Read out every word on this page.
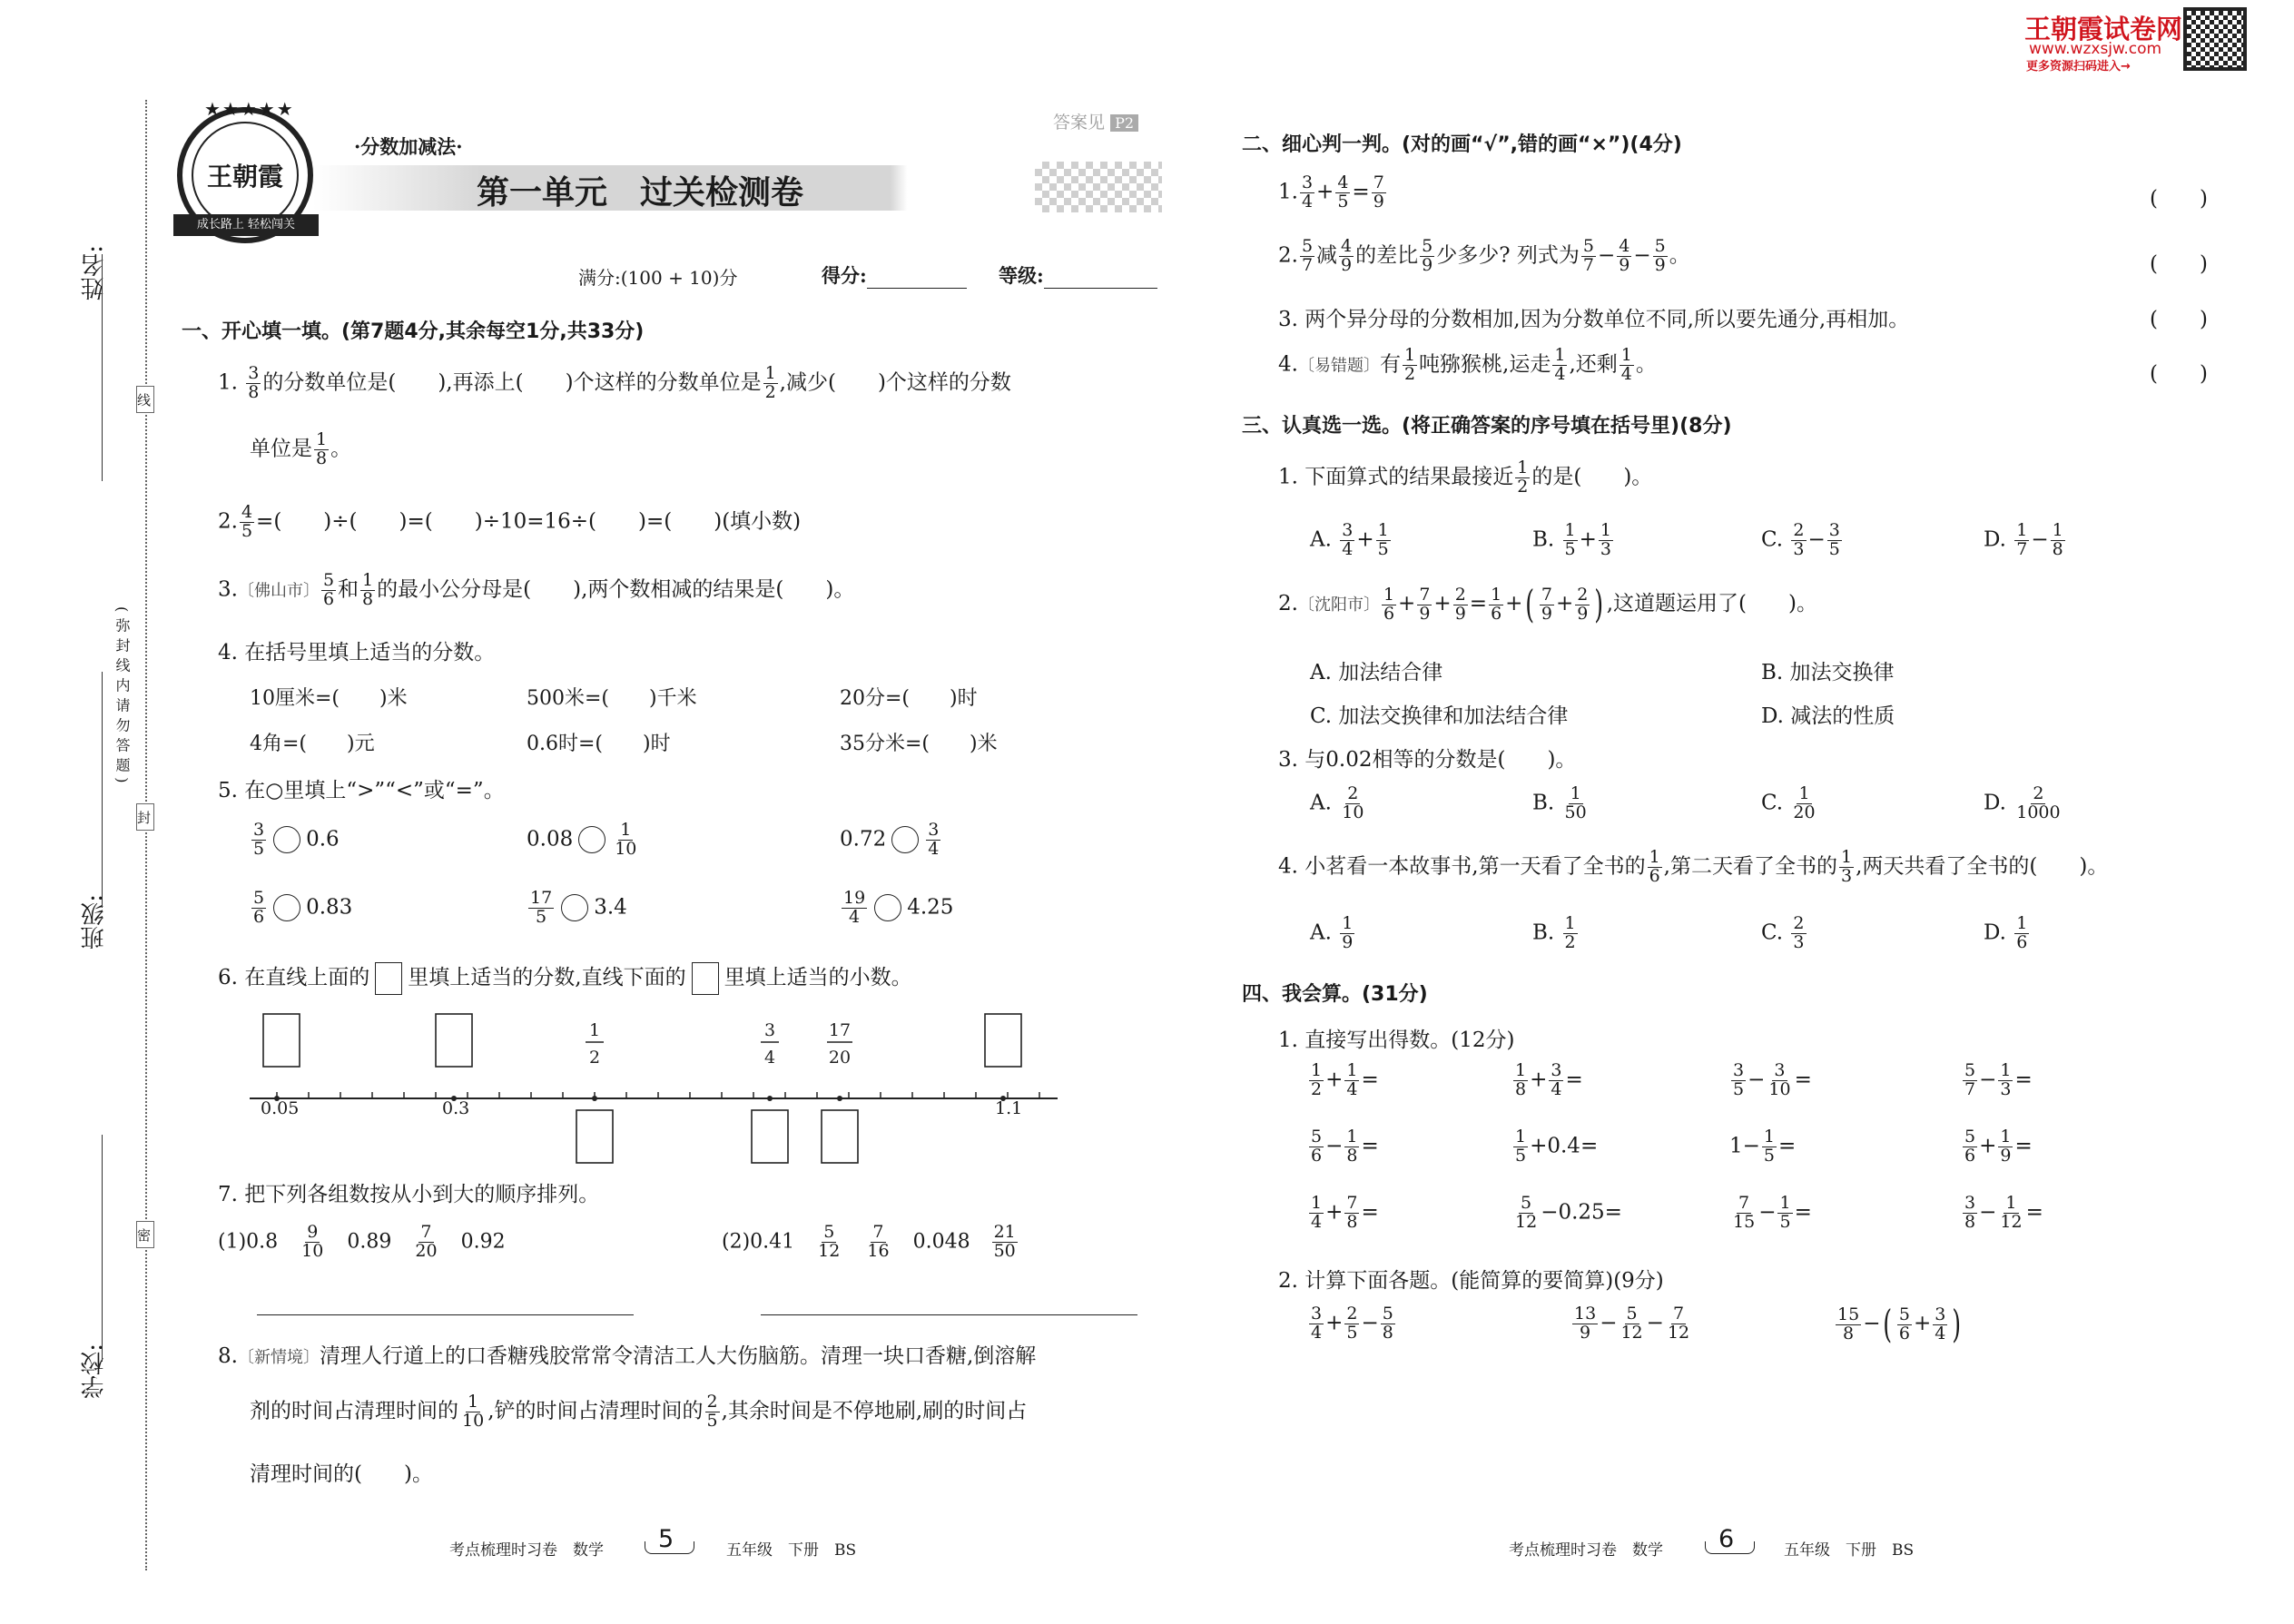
线
封
密
(弥封线内请勿答题)
姓名:
班级:
学校:
王朝霞
成长路上 轻松闯关
★★★★★
·分数加减法·
第一单元　过关检测卷
答案见 P2
满分:(100 + 10)分	得分:	等级:
一、开心填一填。(第7题4分,其余每空1分,共33分)
1. $\frac{3}{8}$ 的分数单位是(　　),再添上(　　)个这样的分数单位是 $\frac{1}{2}$ ,减少(　　)个这样的分数
单位是 $\frac{1}{8}$ 。
2. $\frac{4}{5}$ =(　　)÷(　　)=(　　)÷10=16÷(　　)=(　　)(填小数)
3.〔佛山市〕 $\frac{5}{6}$ 和 $\frac{1}{8}$ 的最小公分母是(　　),两个数相减的结果是(　　)。
4. 在括号里填上适当的分数。
10厘米=(　　)米	500米=(　　)千米	20分=(　　)时
4角=(　　)元	0.6时=(　　)时	35分米=(　　)米
5. 在○里填上“>”“<”或“=”。
$\frac{3}{5} 0.6$	$0.08 \frac{1}{10}$	$0.72 \frac{3}{4}$
$\frac{5}{6} 0.83$	$\frac{17}{5} 3.4$	$\frac{19}{4} 4.25$
6. 在直线上面的 里填上适当的分数,直线下面的 里填上适当的小数。
1
2
3
4
17
20
0.05	0.3	1.1
7. 把下列各组数按从小到大的顺序排列。
(1)0.8　 $\frac{9}{10}$
　 0.89　 $\frac{7}{20}$
　 0.92	(2)0.41　 $\frac{5}{12}$
　 $\frac{7}{16}$
　 0.048　 $\frac{21}{50}$
8.〔新情境〕清理人行道上的口香糖残胶常常令清洁工人大伤脑筋。清理一块口香糖,倒溶解
剂的时间占清理时间的 $\frac{1}{10}$ ,铲的时间占清理时间的 $\frac{2}{5}$ ,其余时间是不停地刷,刷的时间占
清理时间的(　　)。
考点梳理时习卷　数学 5	五年级　下册　BS
王朝霞试卷网
www.wzxsjw.com
更多资源扫码进入→
二、细心判一判。(对的画“√”,错的画“×”)(4分)
1. $\frac{3}{4} + \frac{4}{5} = \frac{7}{9}$	(　　)
2. $\frac{5}{7}$ 减 $\frac{4}{9}$ 的差比 $\frac{5}{9}$ 少多少? 列式为 $\frac{5}{7} - \frac{4}{9} - \frac{5}{9}$ 。	(　　)
3. 两个异分母的分数相加,因为分数单位不同,所以要先通分,再相加。	(　　)
4.〔易错题〕有 $\frac{1}{2}$ 吨猕猴桃,运走 $\frac{1}{4}$ ,还剩 $\frac{1}{4}$ 。	(　　)
三、认真选一选。(将正确答案的序号填在括号里)(8分)
1. 下面算式的结果最接近 $\frac{1}{2}$ 的是(　　)。
A. $\frac{3}{4} + \frac{1}{5}$	B. $\frac{1}{5} + \frac{1}{3}$	C. $\frac{2}{3} - \frac{3}{5}$	D. $\frac{1}{7} - \frac{1}{8}$
2.〔沈阳市〕 $\frac{1}{6} + \frac{7}{9} + \frac{2}{9} = \frac{1}{6}$ +( $\frac{7}{9} + \frac{2}{9}$ ) ,这道题运用了(　　)。
A. 加法结合律	B. 加法交换律
C. 加法交换律和加法结合律	D. 减法的性质
3. 与0.02相等的分数是(　　)。
A. $\frac{2}{10}$	B. $\frac{1}{50}$	C. $\frac{1}{20}$	D. $\frac{2}{1000}$
4. 小茗看一本故事书,第一天看了全书的 $\frac{1}{6}$ ,第二天看了全书的 $\frac{1}{3}$ ,两天共看了全书的(　　)。
A. $\frac{1}{9}$	B. $\frac{1}{2}$	C. $\frac{2}{3}$	D. $\frac{1}{6}$
四、我会算。(31分)
1. 直接写出得数。(12分)
$\frac{1}{2} + \frac{1}{4}$ =	$\frac{1}{8} + \frac{3}{4}$ =	$\frac{3}{5} - \frac{3}{10}$ =	$\frac{5}{7} - \frac{1}{3}$ =
$\frac{5}{6} - \frac{1}{8}$ =	$\frac{1}{5} +0.4=$	$1- \frac{1}{5}$ =	$\frac{5}{6} + \frac{1}{9}$ =
$\frac{1}{4} + \frac{7}{8}$ =	$\frac{5}{12} -0.25=$	$\frac{7}{15} - \frac{1}{5}$ =	$\frac{3}{8} - \frac{1}{12}$ =
2. 计算下面各题。(能简算的要简算)(9分)
$\frac{3}{4} + \frac{2}{5} - \frac{5}{8}$	$\frac{13}{9} - \frac{5}{12} - \frac{7}{12}$	$\frac{15}{8}$ −( $\frac{5}{6} + \frac{3}{4}$ )
考点梳理时习卷　数学 6	五年级　下册　BS
